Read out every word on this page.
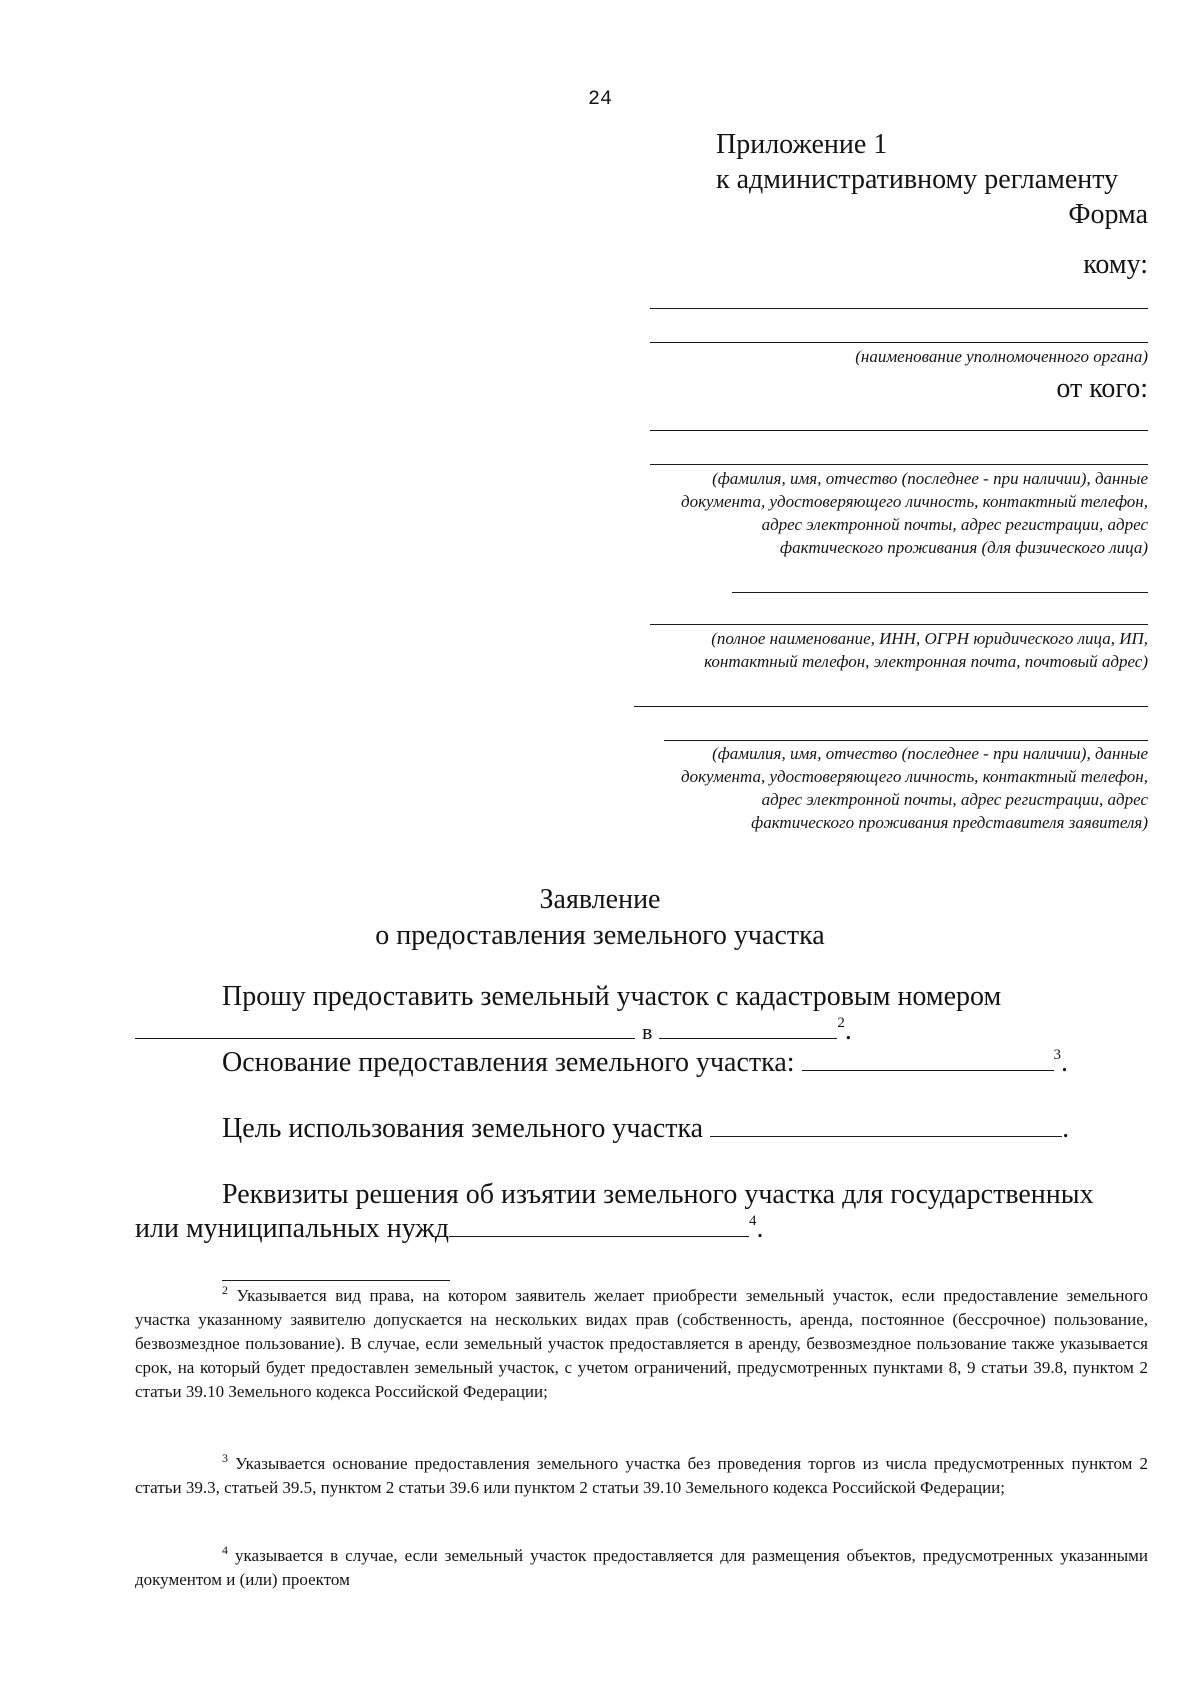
24
Приложение 1
к административному регламенту
Форма
кому:
(наименование уполномоченного органа)
от кого:
(фамилия, имя, отчество (последнее - при наличии), данные
документа, удостоверяющего личность, контактный телефон,
адрес электронной почты, адрес регистрации, адрес
фактического проживания (для физического лица)
(полное наименование, ИНН, ОГРН юридического лица, ИП,
контактный телефон, электронная почта, почтовый адрес)
(фамилия, имя, отчество (последнее - при наличии), данные
документа, удостоверяющего личность, контактный телефон,
адрес электронной почты, адрес регистрации, адрес
фактического проживания представителя заявителя)
Заявление
о предоставления земельного участка
Прошу предоставить земельный участок с кадастровым номером
в	$^2$.
Основание предоставления земельного участка:	$^3$.
Цель использования земельного участка	.
Реквизиты решения об изъятии земельного участка для государственных
или муниципальных нужд	$^4$.
$^2$ Указывается вид права, на котором заявитель желает приобрести земельный участок, если предоставление земельного участка указанному заявителю допускается на нескольких видах прав (собственность, аренда, постоянное (бессрочное) пользование, безвозмездное пользование). В случае, если земельный участок предоставляется в аренду, безвозмездное пользование также указывается срок, на который будет предоставлен земельный участок, с учетом ограничений, предусмотренных пунктами 8, 9 статьи 39.8, пунктом 2 статьи 39.10 Земельного кодекса Российской Федерации;
$^3$ Указывается основание предоставления земельного участка без проведения торгов из числа предусмотренных пунктом 2 статьи 39.3, статьей 39.5, пунктом 2 статьи 39.6 или пунктом 2 статьи 39.10 Земельного кодекса Российской Федерации;
$^4$ указывается в случае, если земельный участок предоставляется для размещения объектов, предусмотренных указанными документом и (или) проектом
